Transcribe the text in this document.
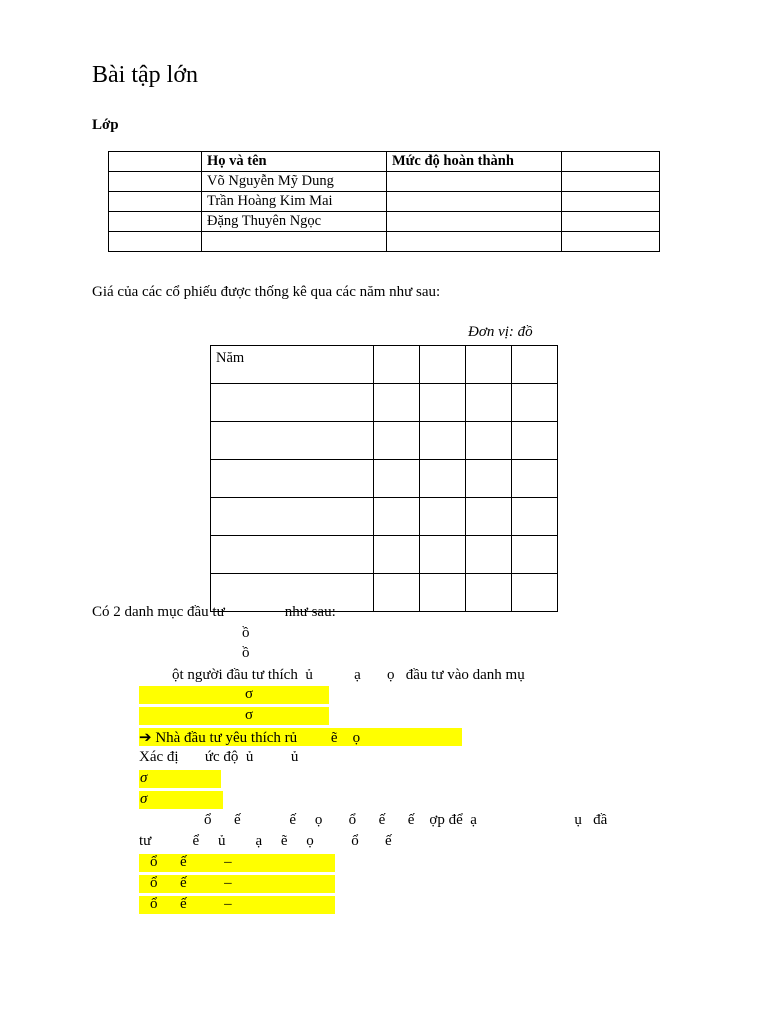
Bài tập lớn
Lớp
	Họ và tên	Mức độ hoàn thành	
	Võ Nguyễn Mỹ Dung		
	Trần Hoàng Kim Mai		
	Đặng Thuyên Ngọc		

Giá của các cổ phiếu được thống kê qua các năm như sau:
Đơn vị: đồ
Năm				

Có 2 danh mục đầu tư                như sau:
ồ
ồ
ột người đầu tư thích  ủ           ạ       ọ   đầu tư vào danh mụ

σ

σ

➔ Nhà đầu tư yêu thích rủ         ẽ    ọ

Xác đị       ức độ  ủ          ủ

σ

σ

ổ      ế             ế     ọ       ổ      ế      ế    ợp để  ạ                          ụ   đầ
tư           ể     ủ        ạ     ẽ     ọ          ổ       ế

ổ      ế          –

ổ      ế          –

ổ      ế          –
